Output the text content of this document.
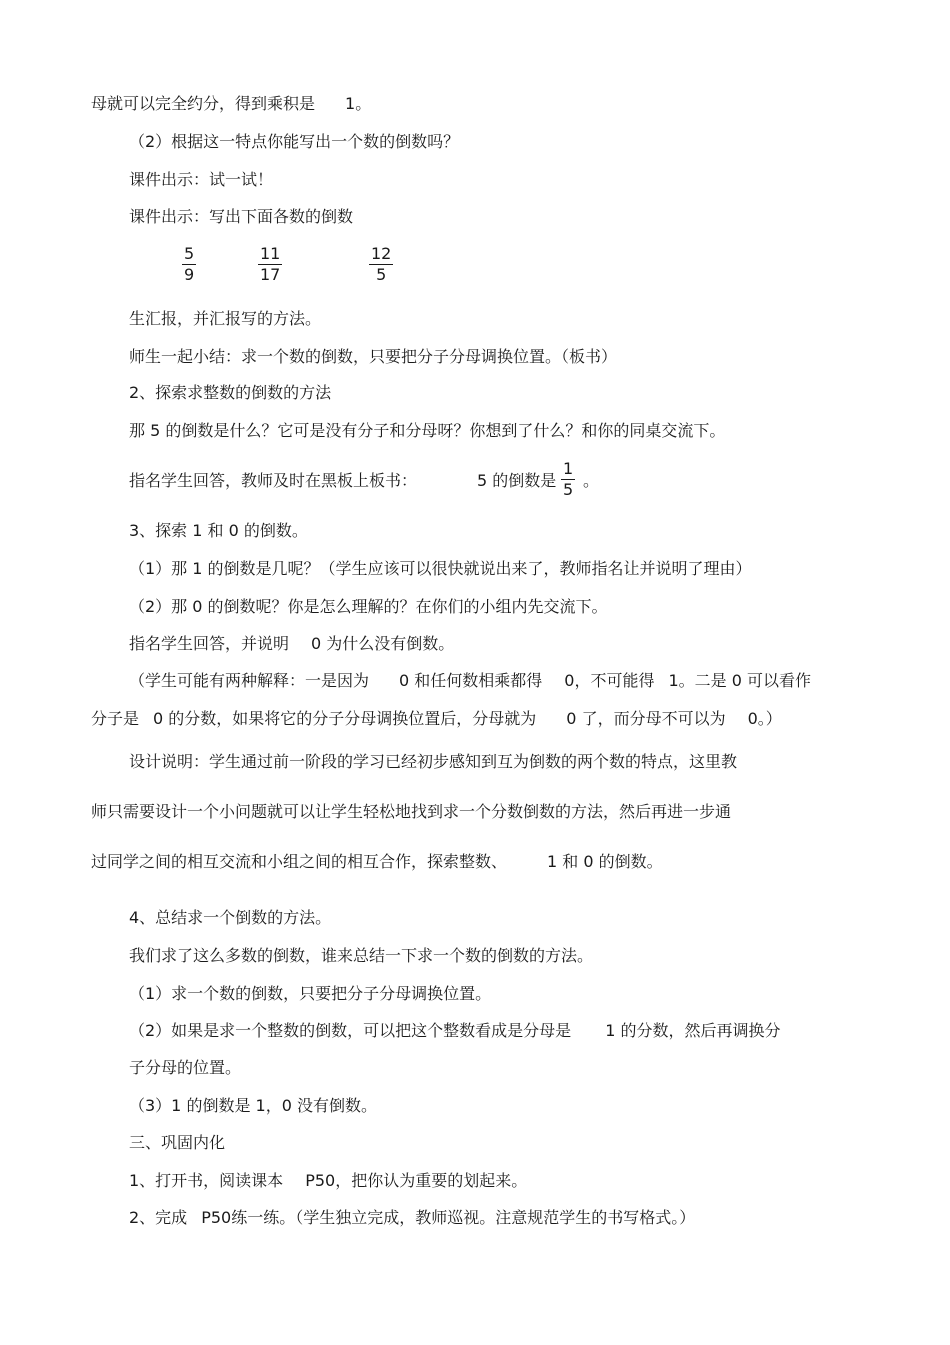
母就可以完全约分，得到乘积是 1。
（2）根据这一特点你能写出一个数的倒数吗？
课件出示：试一试！
课件出示：写出下面各数的倒数
5
9
11
17
12
5
生汇报，并汇报写的方法。
师生一起小结：求一个数的倒数，只要把分子分母调换位置。（板书）
2、探索求整数的倒数的方法
那 5 的倒数是什么？它可是没有分子和分母呀？你想到了什么？和你的同桌交流下。
指名学生回答，教师及时在黑板上板书：	5 的倒数是
1
5 。
3、探索 1 和 0 的倒数。
（1）那 1 的倒数是几呢？（学生应该可以很快就说出来了，教师指名让并说明了理由）
（2）那 0 的倒数呢？你是怎么理解的？在你们的小组内先交流下。
指名学生回答，并说明 0 为什么没有倒数。
（学生可能有两种解释：一是因为 0 和任何数相乘都得 0，不可能得 1。二是 0 可以看作
分子是 0 的分数，如果将它的分子分母调换位置后，分母就为 0 了，而分母不可以为 0。）
设计说明：学生通过前一阶段的学习已经初步感知到互为倒数的两个数的特点，这里教
师只需要设计一个小问题就可以让学生轻松地找到求一个分数倒数的方法，然后再进一步通
过同学之间的相互交流和小组之间的相互合作，探索整数、	1 和 0 的倒数。
4、总结求一个倒数的方法。
我们求了这么多数的倒数，谁来总结一下求一个数的倒数的方法。
（1）求一个数的倒数，只要把分子分母调换位置。
（2）如果是求一个整数的倒数，可以把这个整数看成是分母是 1 的分数，然后再调换分
子分母的位置。
（3）1 的倒数是 1，0 没有倒数。
三、巩固内化
1、打开书，阅读课本 P50，把你认为重要的划起来。
2、完成 P50练一练。（学生独立完成，教师巡视。注意规范学生的书写格式。）
